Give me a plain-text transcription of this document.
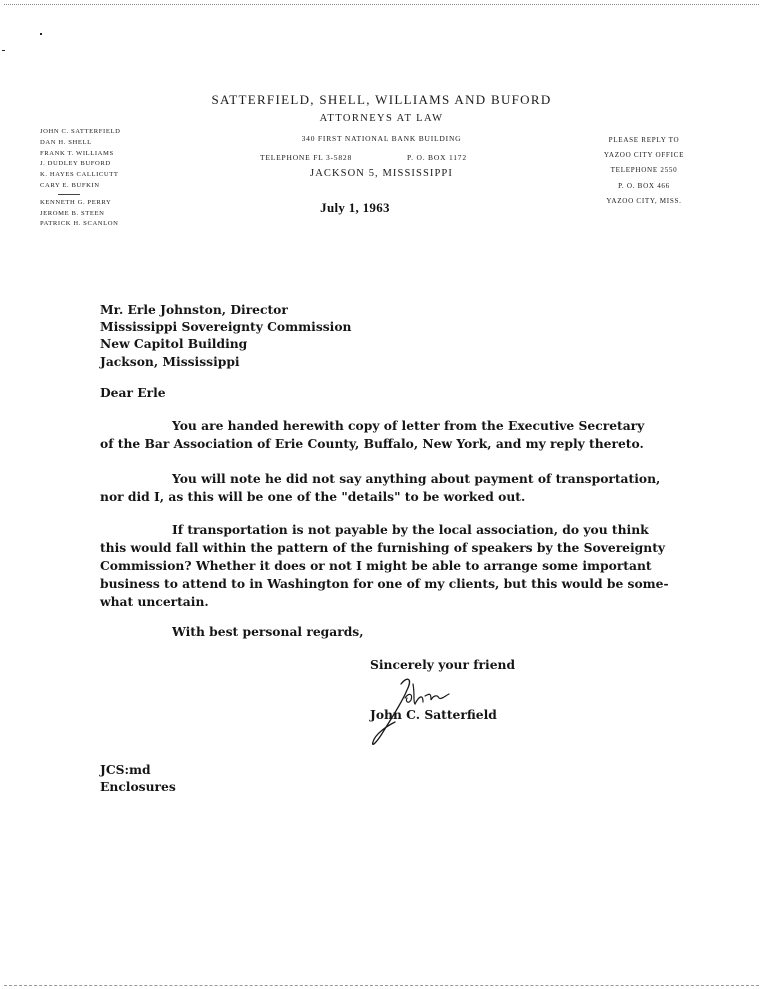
SATTERFIELD, SHELL, WILLIAMS AND BUFORD
ATTORNEYS AT LAW
340 FIRST NATIONAL BANK BUILDING
TELEPHONE FL 3-5828	P. O. BOX 1172
JACKSON 5, MISSISSIPPI
July 1, 1963
JOHN C. SATTERFIELD
DAN H. SHELL
FRANK T. WILLIAMS
J. DUDLEY BUFORD
K. HAYES CALLICUTT
CARY E. BUFKIN
KENNETH G. PERRY
JEROME B. STEEN
PATRICK H. SCANLON
PLEASE REPLY TO
YAZOO CITY OFFICE
TELEPHONE 2550
P. O. BOX 466
YAZOO CITY, MISS.
Mr. Erle Johnston, Director
Mississippi Sovereignty Commission
New Capitol Building
Jackson, Mississippi
Dear Erle
You are handed herewith copy of letter from the Executive Secretary
of the Bar Association of Erie County, Buffalo, New York, and my reply thereto.
You will note he did not say anything about payment of transportation,
nor did I, as this will be one of the "details" to be worked out.
If transportation is not payable by the local association, do you think
this would fall within the pattern of the furnishing of speakers by the Sovereignty
Commission? Whether it does or not I might be able to arrange some important
business to attend to in Washington for one of my clients, but this would be some-
what uncertain.
With best personal regards,
Sincerely your friend
John C. Satterfield
JCS:md
Enclosures
